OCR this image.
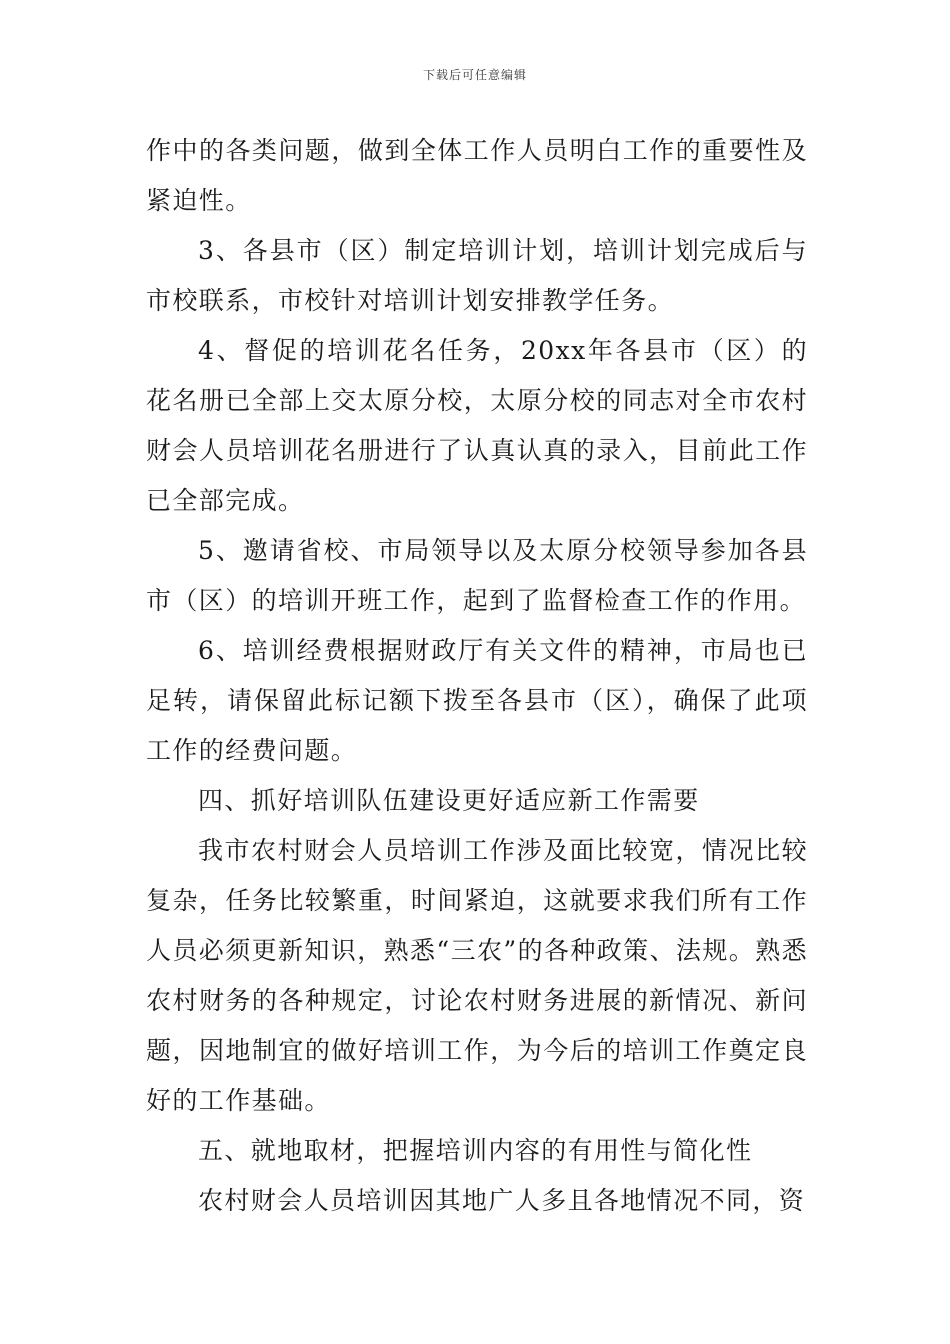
下载后可任意编辑

作中的各类问题，做到全体工作人员明白工作的重要性及紧迫性。

3、各县市（区）制定培训计划，培训计划完成后与市校联系，市校针对培训计划安排教学任务。

4、督促的培训花名任务，20xx年各县市（区）的花名册已全部上交太原分校，太原分校的同志对全市农村财会人员培训花名册进行了认真认真的录入，目前此工作已全部完成。

5、邀请省校、市局领导以及太原分校领导参加各县市（区）的培训开班工作，起到了监督检查工作的作用。

6、培训经费根据财政厅有关文件的精神，市局也已足转，请保留此标记额下拨至各县市（区），确保了此项工作的经费问题。

四、抓好培训队伍建设更好适应新工作需要

我市农村财会人员培训工作涉及面比较宽，情况比较复杂，任务比较繁重，时间紧迫，这就要求我们所有工作人员必须更新知识，熟悉“三农”的各种政策、法规。熟悉农村财务的各种规定，讨论农村财务进展的新情况、新问题，因地制宜的做好培训工作，为今后的培训工作奠定良好的工作基础。

五、就地取材，把握培训内容的有用性与简化性

农村财会人员培训因其地广人多且各地情况不同，资
